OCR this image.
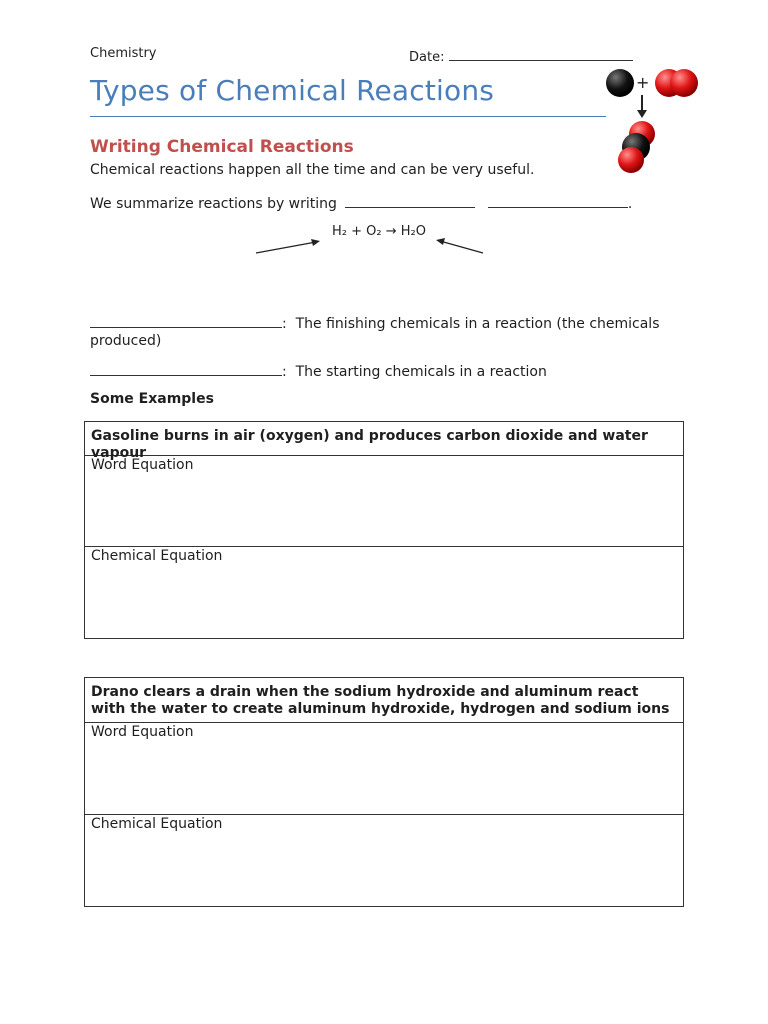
Chemistry	Date:
Types of Chemical Reactions	+
Writing Chemical Reactions
Chemical reactions happen all the time and can be very useful.
We summarize reactions by writing	.
H₂ + O₂ → H₂O
:  The finishing chemicals in a reaction (the chemicals produced)
:  The starting chemicals in a reaction
Some Examples
Gasoline burns in air (oxygen) and produces carbon dioxide and water vapour
Word Equation
Chemical Equation
Drano clears a drain when the sodium hydroxide and aluminum react with the water to create aluminum hydroxide, hydrogen and sodium ions
Word Equation
Chemical Equation
